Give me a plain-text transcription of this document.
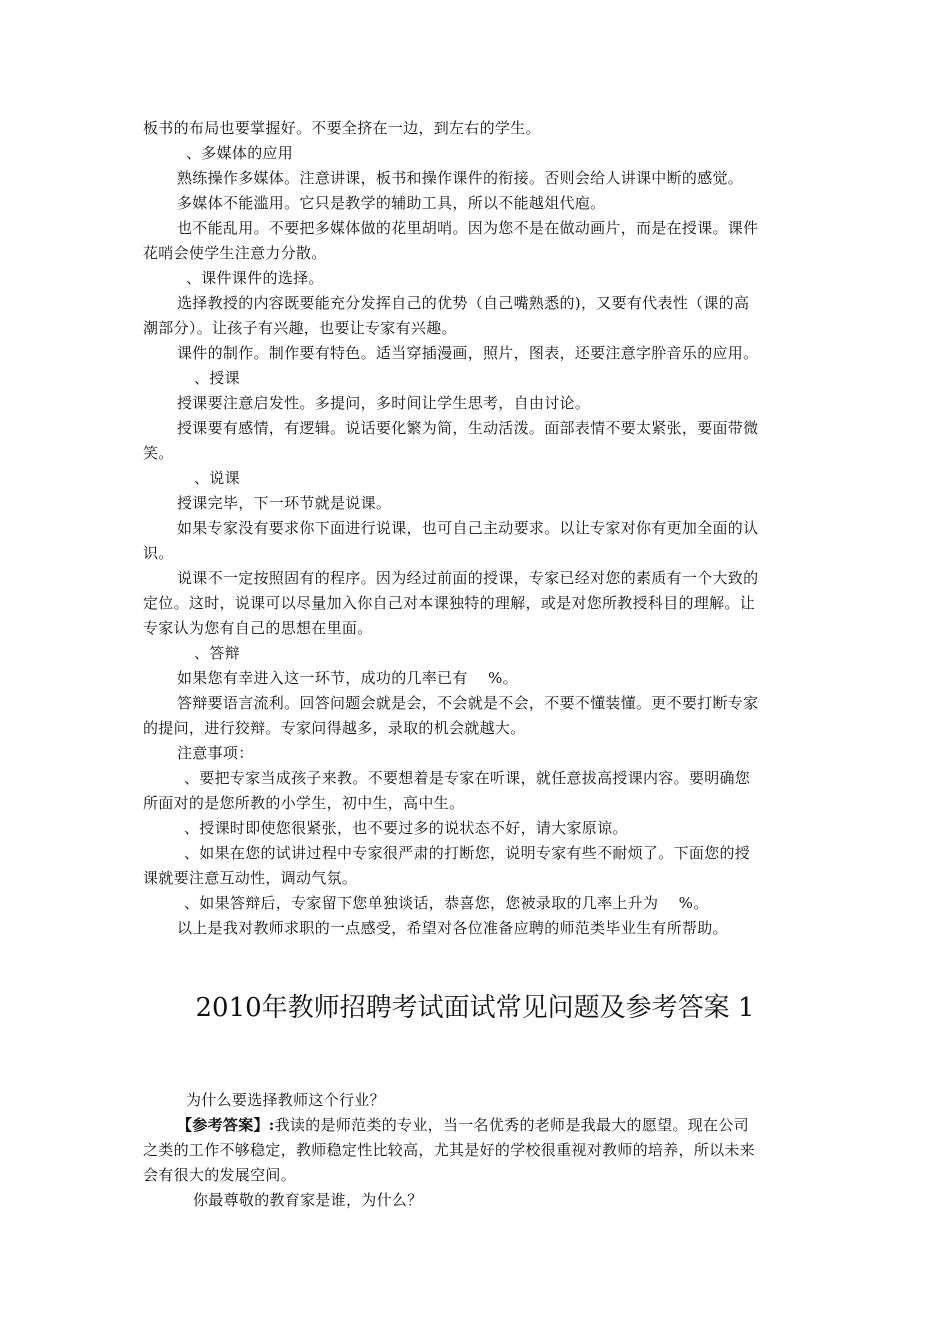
板书的布局也要掌握好。不要全挤在一边，到左右的学生。
、多媒体的应用
熟练操作多媒体。注意讲课，板书和操作课件的衔接。否则会给人讲课中断的感觉。
多媒体不能滥用。它只是教学的辅助工具，所以不能越俎代庖。
也不能乱用。不要把多媒体做的花里胡哨。因为您不是在做动画片，而是在授课。课件
花哨会使学生注意力分散。
、课件课件的选择。
选择教授的内容既要能充分发挥自己的优势（自己嘴熟悉的)，又要有代表性（课的高
潮部分）。让孩子有兴趣，也要让专家有兴趣。
课件的制作。制作要有特色。适当穿插漫画，照片，图表，还要注意字肸音乐的应用。
、授课
授课要注意启发性。多提问，多时间让学生思考，自由讨论。
授课要有感情，有逻辑。说话要化繁为简，生动活泼。面部表情不要太紧张，要面带微
笑。
、说课
授课完毕，下一环节就是说课。
如果专家没有要求你下面进行说课，也可自己主动要求。以让专家对你有更加全面的认
识。
说课不一定按照固有的程序。因为经过前面的授课，专家已经对您的素质有一个大致的
定位。这时，说课可以尽量加入你自己对本课独特的理解，或是对您所教授科目的理解。让
专家认为您有自己的思想在里面。
、答辩
如果您有幸进入这一环节，成功的几率已有　 %。
答辩要语言流利。回答问题会就是会，不会就是不会，不要不懂装懂。更不要打断专家
的提问，进行狡辩。专家问得越多，录取的机会就越大。
注意事项：
、要把专家当成孩子来教。不要想着是专家在听课，就任意拔高授课内容。要明确您
所面对的是您所教的小学生，初中生，高中生。
、授课时即使您很紧张，也不要过多的说状态不好，请大家原谅。
、如果在您的试讲过程中专家很严肃的打断您，说明专家有些不耐烦了。下面您的授
课就要注意互动性，调动气氛。
、如果答辩后，专家留下您单独谈话，恭喜您，您被录取的几率上升为　 %。
以上是我对教师求职的一点感受，希望对各位准备应聘的师范类毕业生有所帮助。
2010年教师招聘考试面试常见问题及参考答案 1
为什么要选择教师这个行业？
【参考答案】:我读的是师范类的专业，当一名优秀的老师是我最大的愿望。现在公司
之类的工作不够稳定，教师稳定性比较高，尤其是好的学校很重视对教师的培养，所以未来
会有很大的发展空间。
你最尊敬的教育家是谁，为什么？
